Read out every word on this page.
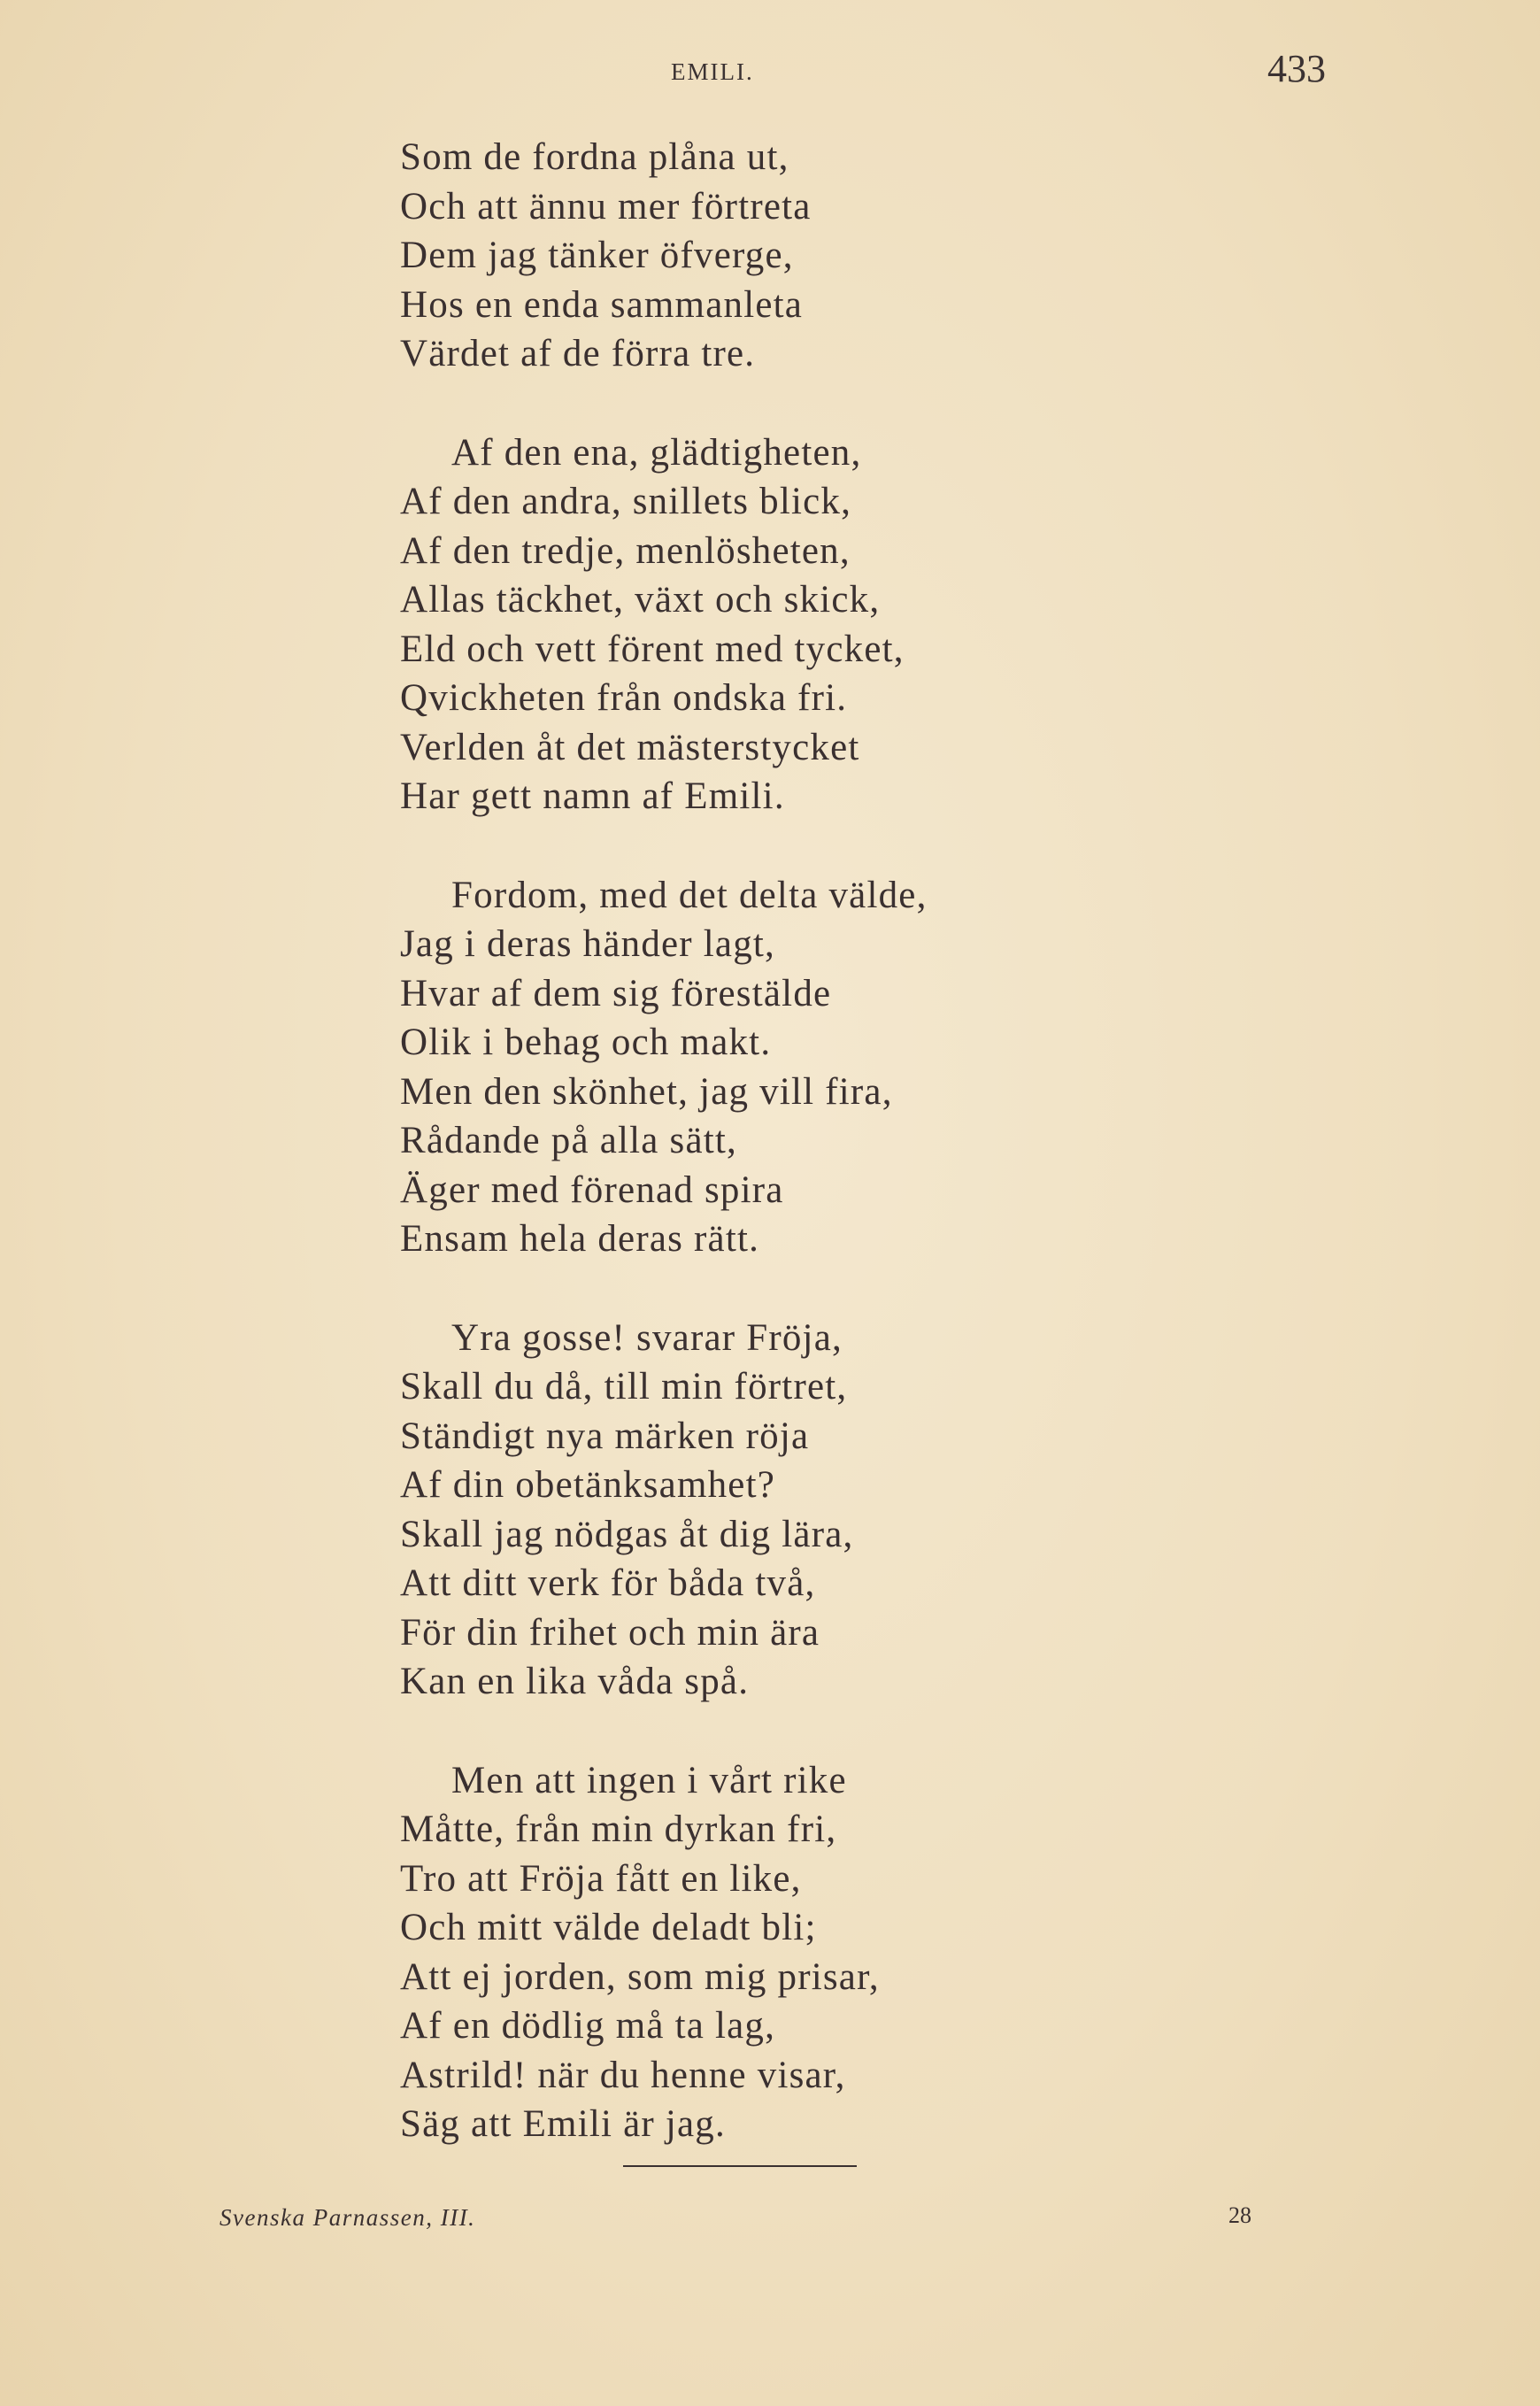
EMILI.	433
Som de fordna plåna ut,
Och att ännu mer förtreta
Dem jag tänker öfverge,
Hos en enda sammanleta
Värdet af de förra tre.
Af den ena, glädtigheten,
Af den andra, snillets blick,
Af den tredje, menlösheten,
Allas täckhet, växt och skick,
Eld och vett förent med tycket,
Qvickheten från ondska fri.
Verlden åt det mästerstycket
Har gett namn af Emili.
Fordom, med det delta välde,
Jag i deras händer lagt,
Hvar af dem sig förestälde
Olik i behag och makt.
Men den skönhet, jag vill fira,
Rådande på alla sätt,
Äger med förenad spira
Ensam hela deras rätt.
Yra gosse! svarar Fröja,
Skall du då, till min förtret,
Ständigt nya märken röja
Af din obetänksamhet?
Skall jag nödgas åt dig lära,
Att ditt verk för båda två,
För din frihet och min ära
Kan en lika våda spå.
Men att ingen i vårt rike
Måtte, från min dyrkan fri,
Tro att Fröja fått en like,
Och mitt välde deladt bli;
Att ej jorden, som mig prisar,
Af en dödlig må ta lag,
Astrild! när du henne visar,
Säg att Emili är jag.
Svenska Parnassen, III.	28
